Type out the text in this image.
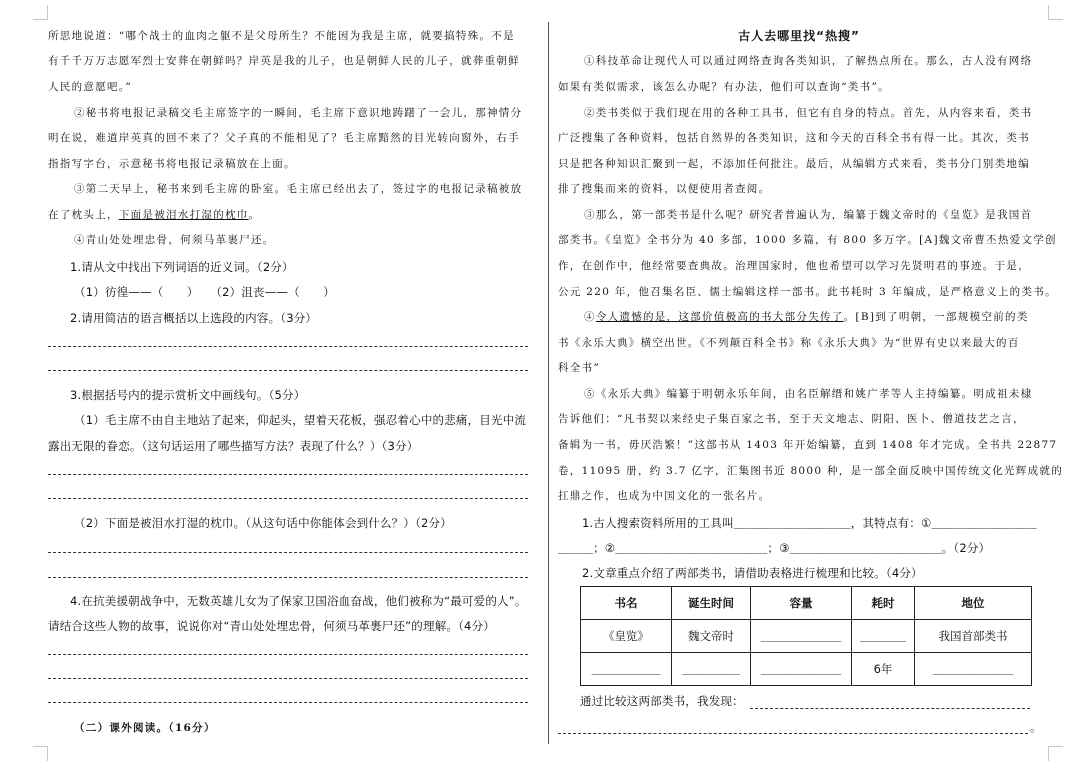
所思地说道：“哪个战士的血肉之躯不是父母所生？不能因为我是主席，就要搞特殊。不是
有千千万万志愿军烈士安葬在朝鲜吗？岸英是我的儿子，也是朝鲜人民的儿子，就葬重朝鲜
人民的意愿吧。”
②秘书将电报记录稿交毛主席签字的一瞬间，毛主席下意识地踌躇了一会儿，那神情分
明在说，难道岸英真的回不来了？父子真的不能相见了？毛主席黯然的目光转向窗外，右手
指指写字台，示意秘书将电报记录稿放在上面。
③第二天早上，秘书来到毛主席的卧室。毛主席已经出去了，签过字的电报记录稿被放
在了枕头上，下面是被泪水打湿的枕巾。
④青山处处埋忠骨，何须马革裹尸还。
1.请从文中找出下列词语的近义词。（2分）
（1）彷徨——（　　）　　（2）沮丧——（　　）
2.请用简洁的语言概括以上选段的内容。（3分）
3.根据括号内的提示赏析文中画线句。（5分）
（1）毛主席不由自主地站了起来，仰起头，望着天花板，强忍着心中的悲痛，目光中流
露出无限的眷恋。（这句话运用了哪些描写方法？表现了什么？）（3分）
（2）下面是被泪水打湿的枕巾。（从这句话中你能体会到什么？）（2分）
4.在抗美援朝战争中，无数英雄儿女为了保家卫国浴血奋战，他们被称为“最可爱的人”。
请结合这些人物的故事，说说你对“青山处处埋忠骨，何须马革裹尸还”的理解。（4分）
（二）课外阅读。（16分）
古人去哪里找“热搜”
①科技革命让现代人可以通过网络查询各类知识，了解热点所在。那么，古人没有网络
如果有类似需求，该怎么办呢？有办法，他们可以查询“类书”。
②类书类似于我们现在用的各种工具书，但它有自身的特点。首先，从内容来看，类书
广泛搜集了各种资料，包括自然界的各类知识，这和今天的百科全书有得一比。其次，类书
只是把各种知识汇聚到一起，不添加任何批注。最后，从编辑方式来看，类书分门别类地编
排了搜集而来的资料，以便使用者查阅。
③那么，第一部类书是什么呢？研究者普遍认为，编纂于魏文帝时的《皇览》是我国首
部类书。《皇览》全书分为 40 多部，1000 多篇，有 800 多万字。[A]魏文帝曹丕热爱文学创
作，在创作中，他经常要查典故。治理国家时，他也希望可以学习先贤明君的事迹。于是，
公元 220 年，他召集名臣、儒士编辑这样一部书。此书耗时 3 年编成，是严格意义上的类书。
④令人遗憾的是，这部价值极高的书大部分失传了。[B]到了明朝，一部规模空前的类
书《永乐大典》横空出世。《不列颠百科全书》称《永乐大典》为“世界有史以来最大的百
科全书”
⑤《永乐大典》编纂于明朝永乐年间，由名臣解缙和姚广孝等人主持编纂。明成祖未棣
告诉他们：“凡书契以来经史子集百家之书，至于天文地志、阴阳、医卜、僧道技艺之言，
备辑为一书，毋厌浩繁！”这部书从 1403 年开始编纂，直到 1408 年才完成。全书共 22877
卷，11095 册，约 3.7 亿字，汇集图书近 8000 种，是一部全面反映中国传统文化光辉成就的
扛鼎之作，也成为中国文化的一张名片。
1.古人搜索资料所用的工具叫＿＿＿＿＿＿＿＿＿＿，其特点有：①＿＿＿＿＿＿＿＿＿
＿＿＿；②＿＿＿＿＿＿＿＿＿＿＿＿＿；③＿＿＿＿＿＿＿＿＿＿＿＿＿。（2分）
2.文章重点介绍了两部类书，请借助表格进行梳理和比较。（4分）
书名	诞生时间	容量	耗时	地位
《皇览》	魏文帝时	＿＿＿＿＿＿＿	＿＿＿＿	我国首部类书
＿＿＿＿＿＿	＿＿＿＿＿	＿＿＿＿＿＿＿	6年	＿＿＿＿＿＿＿
通过比较这两部类书，我发现：
。
